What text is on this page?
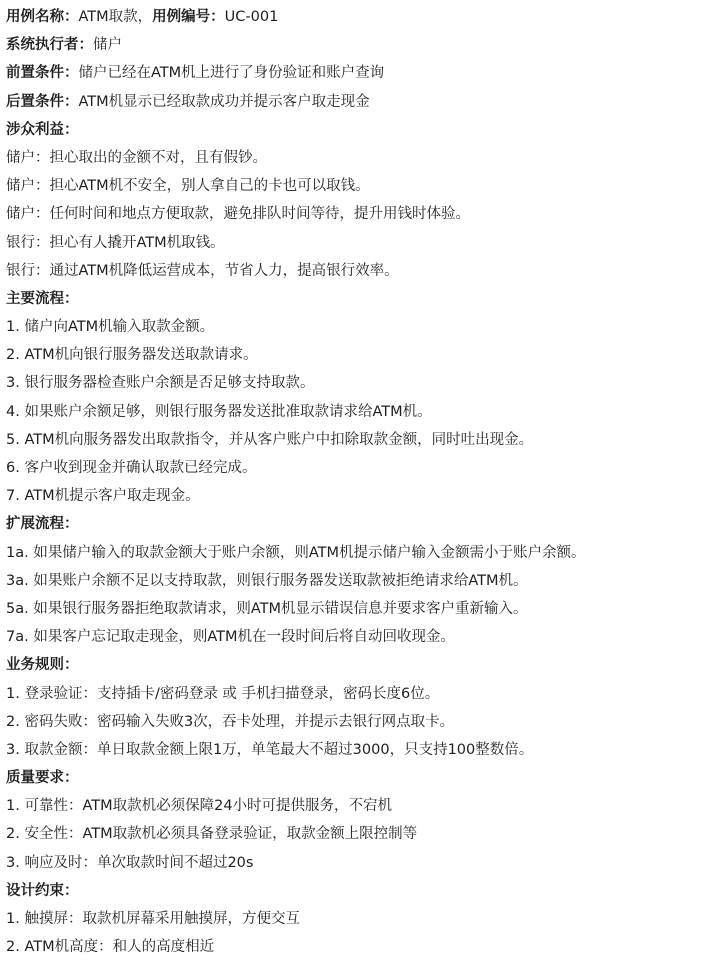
用例名称：ATM取款，用例编号：UC-001
系统执行者：储户
前置条件：储户已经在ATM机上进行了身份验证和账户查询
后置条件：ATM机显示已经取款成功并提示客户取走现金
涉众利益：
储户：担心取出的金额不对，且有假钞。
储户：担心ATM机不安全，别人拿自己的卡也可以取钱。
储户：任何时间和地点方便取款，避免排队时间等待，提升用钱时体验。
银行：担心有人撬开ATM机取钱。
银行：通过ATM机降低运营成本，节省人力，提高银行效率。
主要流程：
1. 储户向ATM机输入取款金额。
2. ATM机向银行服务器发送取款请求。
3. 银行服务器检查账户余额是否足够支持取款。
4. 如果账户余额足够，则银行服务器发送批准取款请求给ATM机。
5. ATM机向服务器发出取款指令，并从客户账户中扣除取款金额，同时吐出现金。
6. 客户收到现金并确认取款已经完成。
7. ATM机提示客户取走现金。
扩展流程：
1a. 如果储户输入的取款金额大于账户余额，则ATM机提示储户输入金额需小于账户余额。
3a. 如果账户余额不足以支持取款，则银行服务器发送取款被拒绝请求给ATM机。
5a. 如果银行服务器拒绝取款请求，则ATM机显示错误信息并要求客户重新输入。
7a. 如果客户忘记取走现金，则ATM机在一段时间后将自动回收现金。
业务规则：
1. 登录验证：支持插卡/密码登录 或 手机扫描登录，密码长度6位。
2. 密码失败：密码输入失败3次，吞卡处理，并提示去银行网点取卡。
3. 取款金额：单日取款金额上限1万，单笔最大不超过3000，只支持100整数倍。
质量要求：
1. 可靠性：ATM取款机必须保障24小时可提供服务，不宕机
2. 安全性：ATM取款机必须具备登录验证，取款金额上限控制等
3. 响应及时：单次取款时间不超过20s
设计约束：
1. 触摸屏：取款机屏幕采用触摸屏，方便交互
2. ATM机高度：和人的高度相近
